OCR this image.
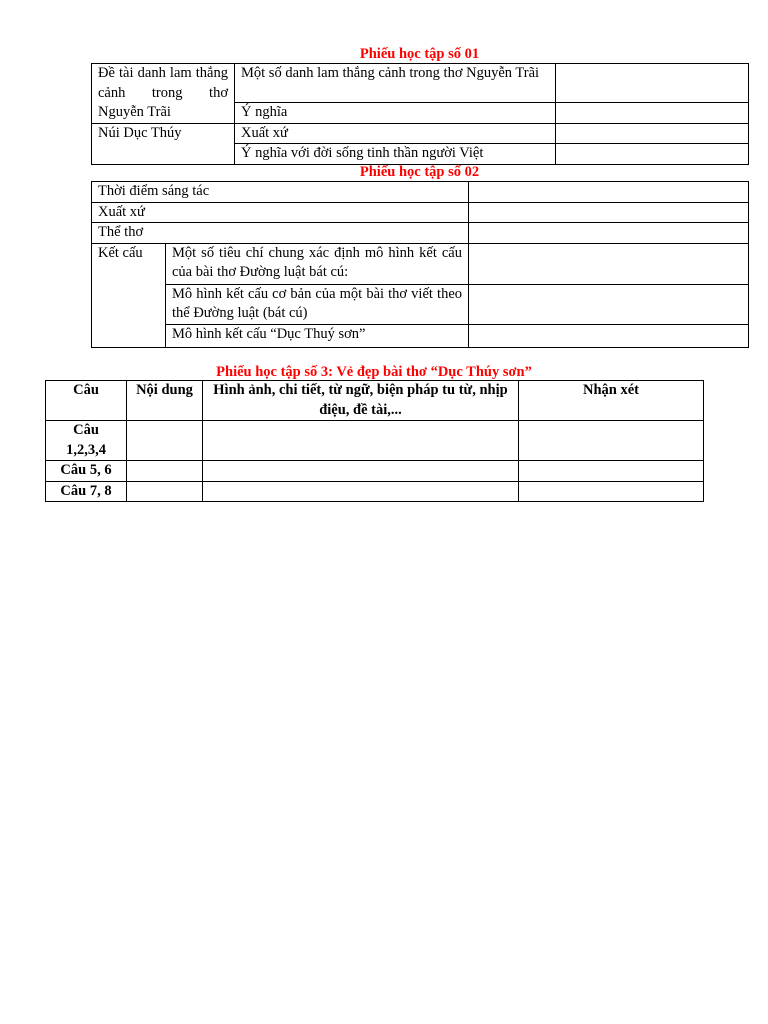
Phiếu học tập số 01
Đề tài danh lam thắng cảnh trong thơ Nguyễn Trãi	Một số danh lam thắng cảnh trong thơ Nguyễn Trãi	
	Ý nghĩa	
Núi Dục Thúy	Xuất xứ	
	Ý nghĩa với đời sống tinh thần người Việt	
Phiếu học tập số 02
Thời điểm sáng tác		
Xuất xứ		
Thể thơ		
Kết cấu	Một số tiêu chí chung xác định mô hình kết cấu của bài thơ Đường luật bát cú:	
	Mô hình kết cấu cơ bản của một bài thơ viết theo thể Đường luật (bát cú)	
	Mô hình kết cấu “Dục Thuý sơn”	
Phiếu học tập số 3: Vẻ đẹp bài thơ “Dục Thúy sơn”
Câu	Nội dung	Hình ảnh, chi tiết, từ ngữ, biện pháp tu từ, nhịp điệu, đề tài,...	Nhận xét
Câu 1,2,3,4			
Câu 5, 6			
Câu 7, 8			
